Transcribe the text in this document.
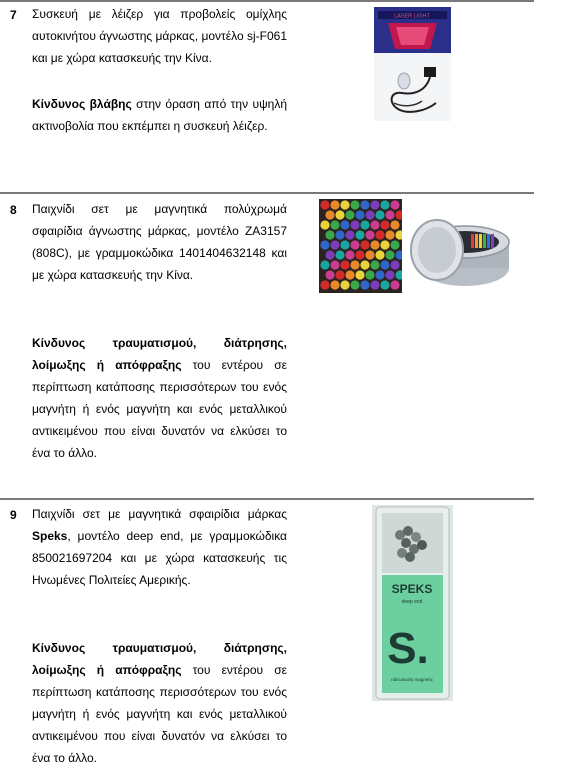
7 Συσκευή με λέιζερ για προβολείς ομίχλης αυτοκινήτου άγνωστης μάρκας, μοντέλο sj-F061 και με χώρα κατασκευής την Κίνα.

Κίνδυνος βλάβης στην όραση από την υψηλή ακτινοβολία που εκπέμπει η συσκευή λέιζερ.

LASER LIGHT
8 Παιχνίδι σετ με μαγνητικά πολύχρωμά σφαιρίδια άγνωστης μάρκας, μοντέλο ZA3157 (808C), με γραμμοκώδικα 1401404632148 και με χώρα κατασκευής την Κίνα.

Κίνδυνος τραυματισμού, διάτρησης, λοίμωξης ή απόφραξης του εντέρου σε περίπτωση κατάποσης περισσότερων του ενός μαγνήτη ή ενός μαγνήτη και ενός μεταλλικού αντικειμένου που είναι δυνατόν να ελκύσει το ένα το άλλο.

9 Παιχνίδι σετ με μαγνητικά σφαιρίδια μάρκας Speks, μοντέλο deep end, με γραμμοκώδικα 850021697204 και με χώρα κατασκευής τις Ηνωμένες Πολιτείες Αμερικής.

Κίνδυνος τραυματισμού, διάτρησης, λοίμωξης ή απόφραξης του εντέρου σε περίπτωση κατάποσης περισσότερων του ενός μαγνήτη ή ενός μαγνήτη και ενός μεταλλικού αντικειμένου που είναι δυνατόν να ελκύσει το ένα το άλλο.

SPEKS
deep end
S.
ridiculously magnetic
